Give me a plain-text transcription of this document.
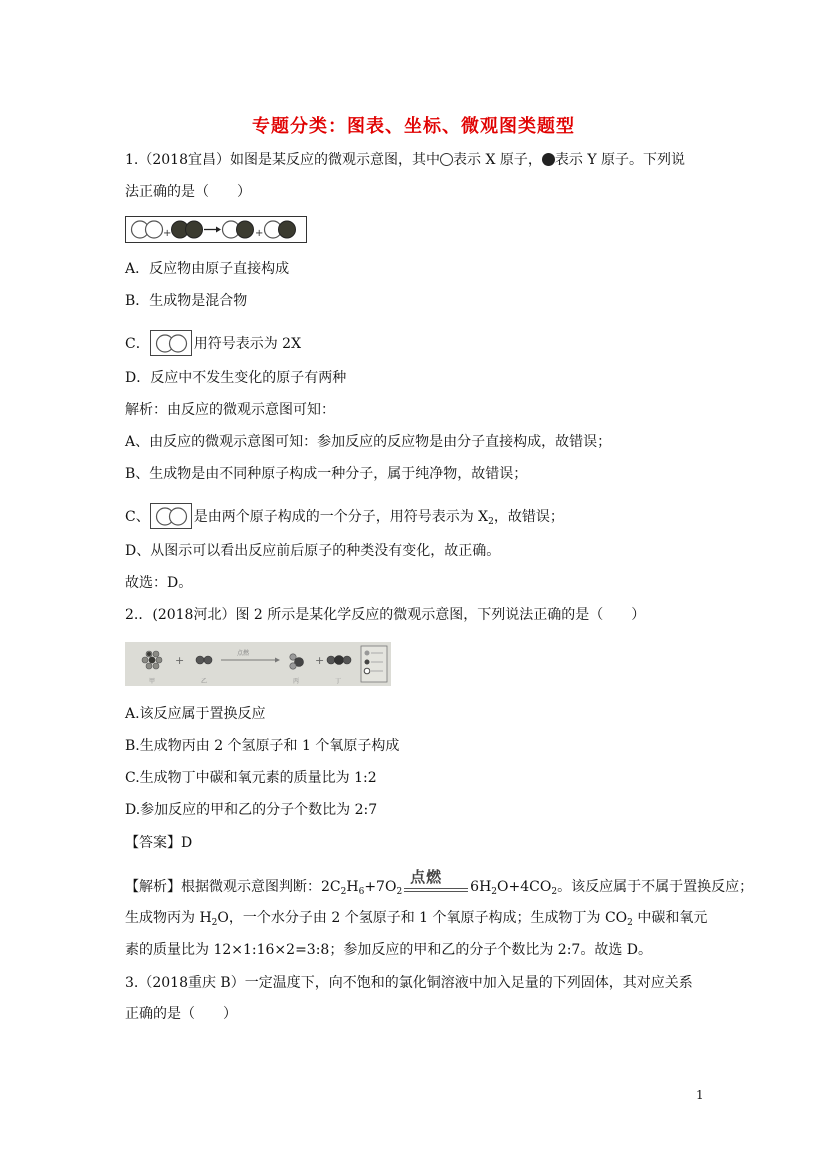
专题分类：图表、坐标、微观图类题型
1.（2018宜昌）如图是某反应的微观示意图，其中 表示 X 原子， 表示 Y 原子。下列说
法正确的是（　　）
+	+
A．反应物由原子直接构成
B．生成物是混合物
C．	用符号表示为 2X
D．反应中不发生变化的原子有两种
解析：由反应的微观示意图可知：
A、由反应的微观示意图可知：参加反应的反应物是由分子直接构成，故错误；
B、生成物是由不同种原子构成一种分子，属于纯净物，故错误；
C、	是由两个原子构成的一个分子，用符号表示为 $X_2$，故错误；
D、从图示可以看出反应前后原子的种类没有变化，故正确。
故选：D。
2.．(2018河北）图 2 所示是某化学反应的微观示意图，下列说法正确的是（　　）
+
点燃
+
甲	乙	丙	丁
A.该反应属于置换反应
B.生成物丙由 2 个氢原子和 1 个氧原子构成
C.生成物丁中碳和氧元素的质量比为 1:2
D.参加反应的甲和乙的分子个数比为 2:7
【答案】D
【解析】根据微观示意图判断：$2C_2H_6+7O_2$
点燃
$6H_2O+4CO_2$。该反应属于不属于置换反应；
生成物丙为 $H_2O$，一个水分子由 2 个氢原子和 1 个氧原子构成；生成物丁为 $CO_2$ 中碳和氧元
素的质量比为 12×1:16×2=3:8；参加反应的甲和乙的分子个数比为 2:7。故选 D。
3.（2018重庆 B）一定温度下，向不饱和的氯化铜溶液中加入足量的下列固体，其对应关系
正确的是（　　）
1
